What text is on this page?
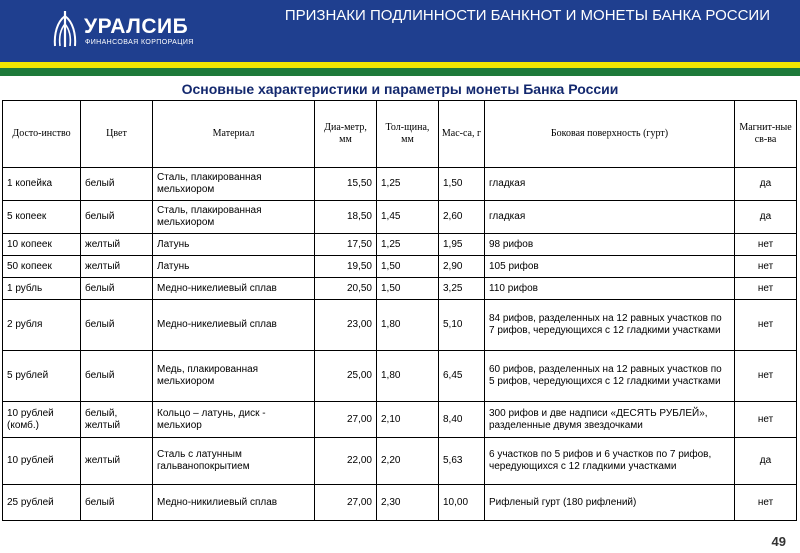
УРАЛСИБ
ФИНАНСОВАЯ КОРПОРАЦИЯ
ПРИЗНАКИ ПОДЛИННОСТИ БАНКНОТ И МОНЕТЫ БАНКА РОССИИ
Основные характеристики и параметры монеты Банка России
Досто-инство	Цвет	Материал	Диа-метр, мм	Тол-щина, мм	Мас-са, г	Боковая поверхность (гурт)	Магнит-ные св-ва
1 копейка	белый	Сталь, плакированная мельхиором	15,50	1,25	1,50	гладкая	да
5 копеек	белый	Сталь, плакированная мельхиором	18,50	1,45	2,60	гладкая	да
10 копеек	желтый	Латунь	17,50	1,25	1,95	98 рифов	нет
50 копеек	желтый	Латунь	19,50	1,50	2,90	105 рифов	нет
1 рубль	белый	Медно-никелиевый сплав	20,50	1,50	3,25	110 рифов	нет
2 рубля	белый	Медно-никелиевый сплав	23,00	1,80	5,10	84 рифов, разделенных на 12 равных участков по 7 рифов, чередующихся с 12 гладкими участками	нет
5 рублей	белый	Медь, плакированная мельхиором	25,00	1,80	6,45	60 рифов, разделенных на 12 равных участков по 5 рифов, чередующихся с 12 гладкими участками	нет
10 рублей (комб.)	белый, желтый	Кольцо – латунь, диск - мельхиор	27,00	2,10	8,40	300 рифов и две надписи «ДЕСЯТЬ РУБЛЕЙ», разделенные двумя звездочками	нет
10 рублей	желтый	Сталь с латунным гальванопокрытием	22,00	2,20	5,63	6 участков по 5 рифов и 6 участков по 7 рифов, чередующихся с 12 гладкими участками	да
25 рублей	белый	Медно-никилиевый сплав	27,00	2,30	10,00	Рифленый гурт (180 рифлений)	нет
49
